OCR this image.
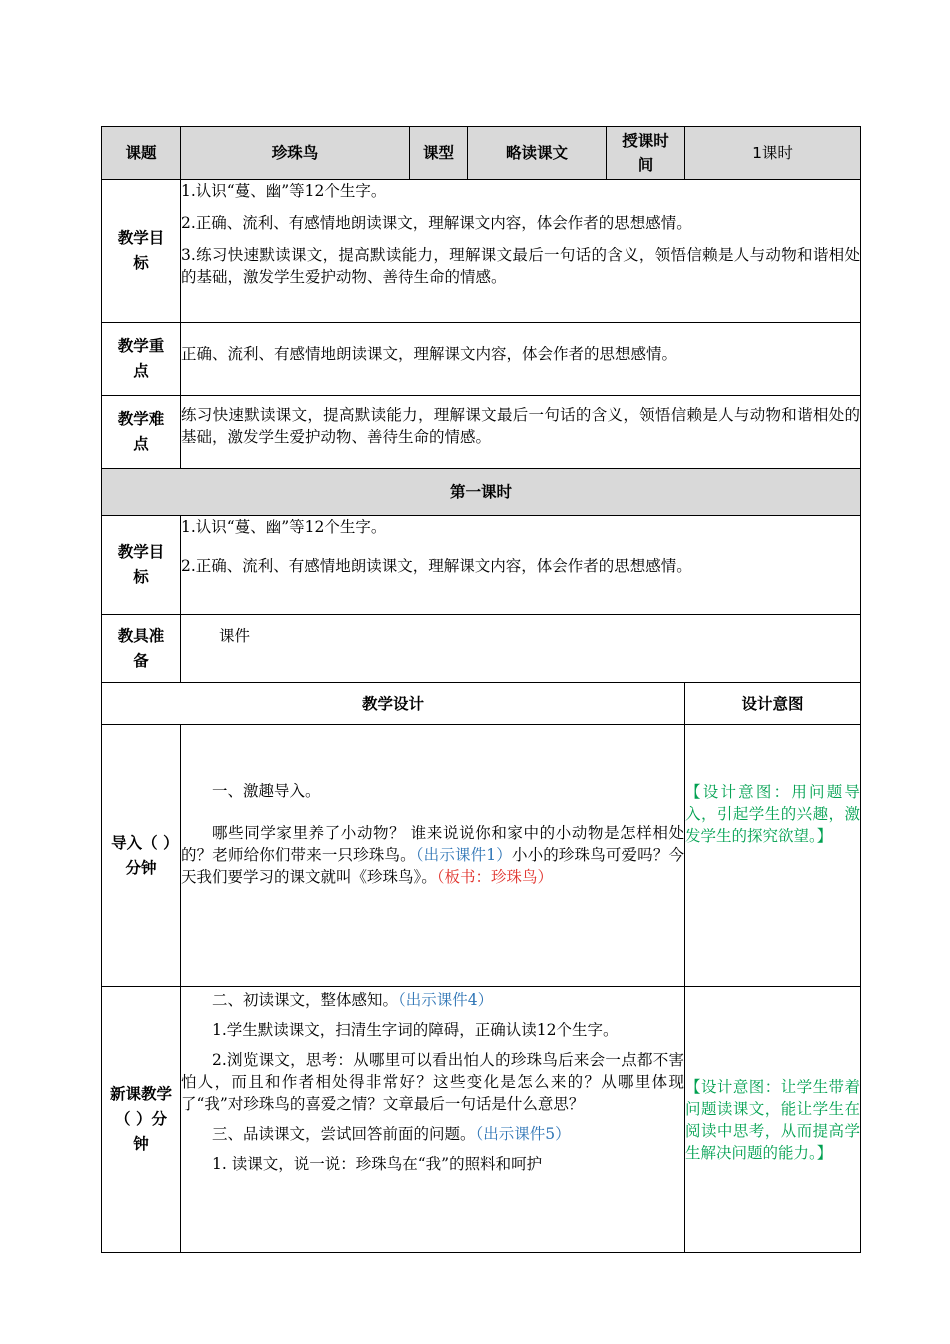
课题	珍珠鸟	课型	略读课文	授课时间	1课时
教学目标	1.认识“蔓、幽”等12个生字。

2.正确、流利、有感情地朗读课文，理解课文内容，体会作者的思想感情。

3.练习快速默读课文，提高默读能力，理解课文最后一句话的含义，领悟信赖是人与动物和谐相处的基础，激发学生爱护动物、善待生命的情感。				

教学重点	正确、流利、有感情地朗读课文，理解课文内容，体会作者的思想感情。				
教学难点	练习快速默读课文，提高默读能力，理解课文最后一句话的含义，领悟信赖是人与动物和谐相处的基础，激发学生爱护动物、善待生命的情感。				
第一课时					
教学目标	1.认识“蔓、幽”等12个生字。

2.正确、流利、有感情地朗读课文，理解课文内容，体会作者的思想感情。				

教具准备	课件				
教学设计					设计意图
导入（ ）分钟	一、激趣导入。

哪些同学家里养了小动物？ 谁来说说你和家中的小动物是怎样相处的？老师给你们带来一只珍珠鸟。（出示课件1）小小的珍珠鸟可爱吗？今天我们要学习的课文就叫《珍珠鸟》。（板书：珍珠鸟）				【设计意图：用问题导入，引起学生的兴趣，激发学生的探究欲望。】
新课教学（ ）分钟	二、初读课文，整体感知。（出示课件4）

1.学生默读课文，扫清生字词的障碍，正确认读12个生字。

2.浏览课文，思考：从哪里可以看出怕人的珍珠鸟后来会一点都不害怕人，而且和作者相处得非常好？这些变化是怎么来的？从哪里体现了“我”对珍珠鸟的喜爱之情？文章最后一句话是什么意思？

三、品读课文，尝试回答前面的问题。（出示课件5）

1. 读课文，说一说：珍珠鸟在“我”的照料和呵护				【设计意图：让学生带着问题读课文，能让学生在阅读中思考，从而提高学生解决问题的能力。】
